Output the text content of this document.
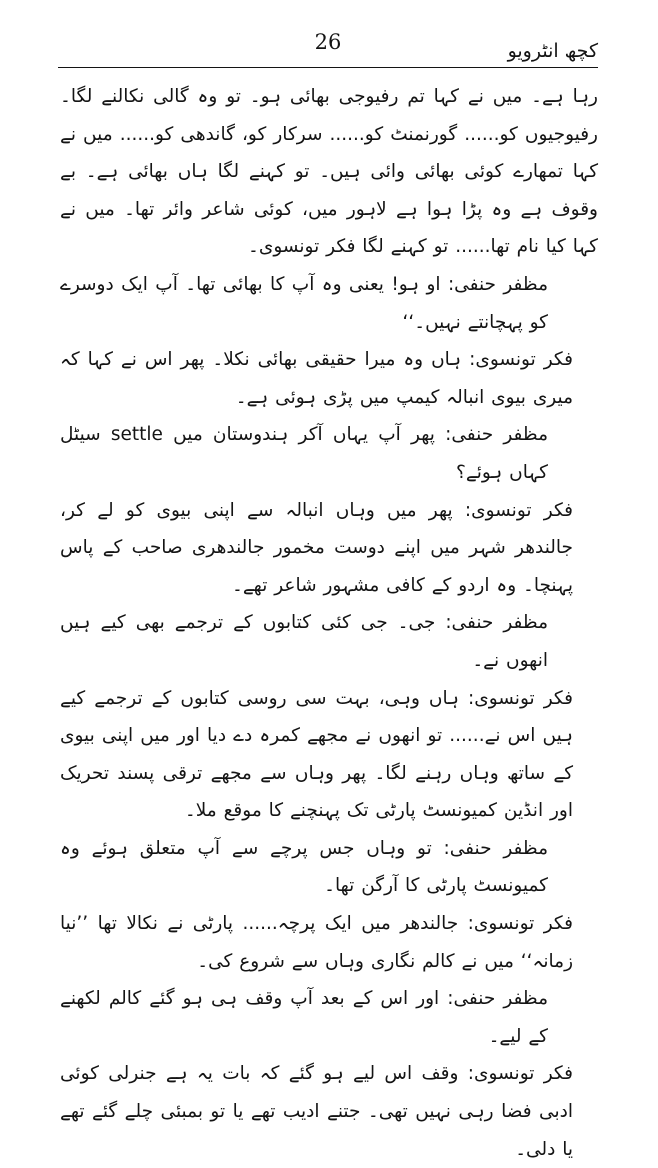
26	کچھ انٹرویو

رہا ہے۔ میں نے کہا تم رفیوجی بھائی ہو۔ تو وہ گالی نکالنے لگا۔ رفیوجیوں کو...... گورنمنٹ کو...... سرکار کو، گاندھی کو...... میں نے کہا تمھارے کوئی بھائی وائی ہیں۔ تو کہنے لگا ہاں بھائی ہے۔ بے وقوف ہے وہ پڑا ہوا ہے لاہور میں، کوئی شاعر وائر تھا۔ میں نے کہا کیا نام تھا...... تو کہنے لگا فکر تونسوی۔

مظفر حنفی: او ہو! یعنی وہ آپ کا بھائی تھا۔ آپ ایک دوسرے کو پہچانتے نہیں۔‘‘

فکر تونسوی: ہاں وہ میرا حقیقی بھائی نکلا۔ پھر اس نے کہا کہ میری بیوی انبالہ کیمپ میں پڑی ہوئی ہے۔

مظفر حنفی: پھر آپ یہاں آکر ہندوستان میں settle سیٹل کہاں ہوئے؟

فکر تونسوی: پھر میں وہاں انبالہ سے اپنی بیوی کو لے کر، جالندھر شہر میں اپنے دوست مخمور جالندھری صاحب کے پاس پہنچا۔ وہ اردو کے کافی مشہور شاعر تھے۔

مظفر حنفی: جی۔ جی کئی کتابوں کے ترجمے بھی کیے ہیں انھوں نے۔

فکر تونسوی: ہاں وہی، بہت سی روسی کتابوں کے ترجمے کیے ہیں اس نے...... تو انھوں نے مجھے کمرہ دے دیا اور میں اپنی بیوی کے ساتھ وہاں رہنے لگا۔ پھر وہاں سے مجھے ترقی پسند تحریک اور انڈین کمیونسٹ پارٹی تک پہنچنے کا موقع ملا۔

مظفر حنفی: تو وہاں جس پرچے سے آپ متعلق ہوئے وہ کمیونسٹ پارٹی کا آرگن تھا۔

فکر تونسوی: جالندھر میں ایک پرچہ...... پارٹی نے نکالا تھا ’’نیا زمانہ‘‘ میں نے کالم نگاری وہاں سے شروع کی۔

مظفر حنفی: اور اس کے بعد آپ وقف ہی ہو گئے کالم لکھنے کے لیے۔

فکر تونسوی: وقف اس لیے ہو گئے کہ بات یہ ہے جنرلی کوئی ادبی فضا رہی نہیں تھی۔ جتنے ادیب تھے یا تو بمبئی چلے گئے تھے یا دلی۔
